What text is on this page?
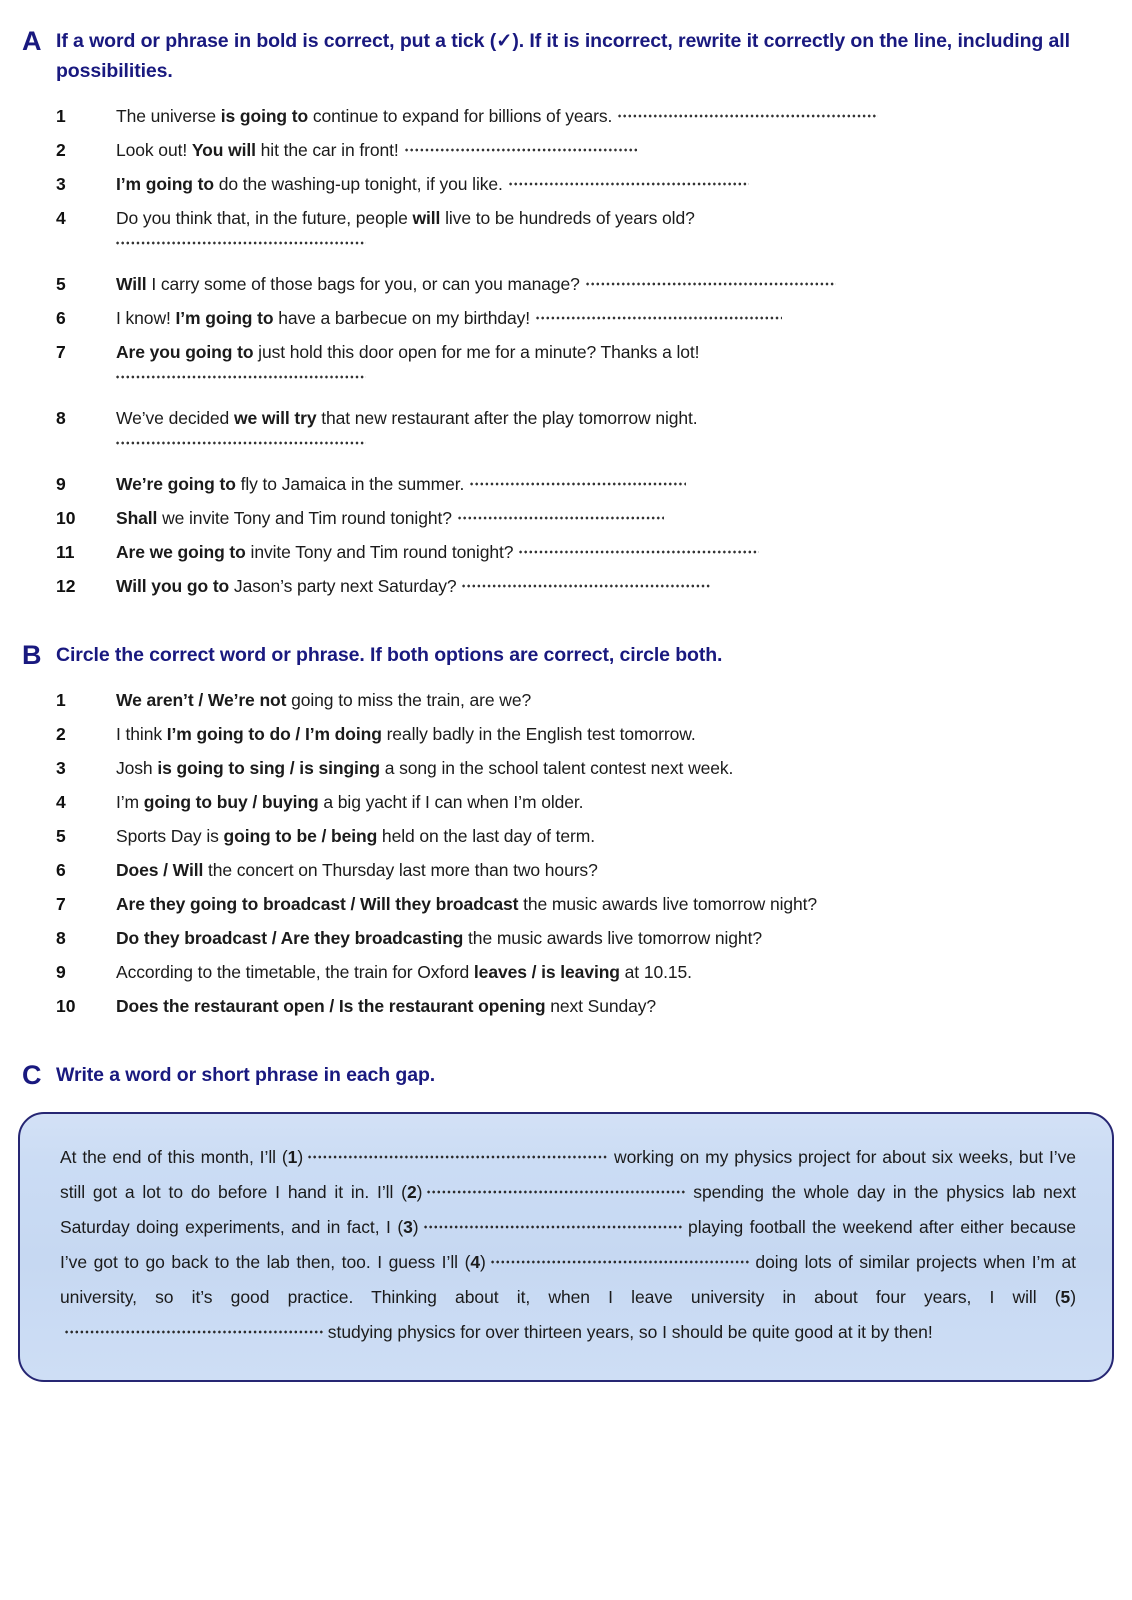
A If a word or phrase in bold is correct, put a tick (✓). If it is incorrect, rewrite it correctly on the line, including all possibilities.
1	The universe is going to continue to expand for billions of years.
2	Look out! You will hit the car in front!
3	I’m going to do the washing-up tonight, if you like.
4	Do you think that, in the future, people will live to be hundreds of years old?
5	Will I carry some of those bags for you, or can you manage?
6	I know! I’m going to have a barbecue on my birthday!
7	Are you going to just hold this door open for me for a minute? Thanks a lot!
8	We’ve decided we will try that new restaurant after the play tomorrow night.
9	We’re going to fly to Jamaica in the summer.
10	Shall we invite Tony and Tim round tonight?
11	Are we going to invite Tony and Tim round tonight?
12	Will you go to Jason’s party next Saturday?
B Circle the correct word or phrase. If both options are correct, circle both.
1	We aren’t / We’re not going to miss the train, are we?
2	I think I’m going to do / I’m doing really badly in the English test tomorrow.
3	Josh is going to sing / is singing a song in the school talent contest next week.
4	I’m going to buy / buying a big yacht if I can when I’m older.
5	Sports Day is going to be / being held on the last day of term.
6	Does / Will the concert on Thursday last more than two hours?
7	Are they going to broadcast / Will they broadcast the music awards live tomorrow night?
8	Do they broadcast / Are they broadcasting the music awards live tomorrow night?
9	According to the timetable, the train for Oxford leaves / is leaving at 10.15.
10	Does the restaurant open / Is the restaurant opening next Sunday?
C Write a word or short phrase in each gap.

At the end of this month, I’ll (1)	working on my physics project for about six weeks, but I’ve still got a lot to do before I hand it in. I’ll (2)	spending the whole day in the physics lab next Saturday doing experiments, and in fact, I (3)	playing football the weekend after either because I’ve got to go back to the lab then, too. I guess I’ll (4)	doing lots of similar projects when I’m at university, so it’s good practice. Thinking about it, when I leave university in about four years, I will (5) studying physics for over thirteen years, so I should be quite good at it by then!
